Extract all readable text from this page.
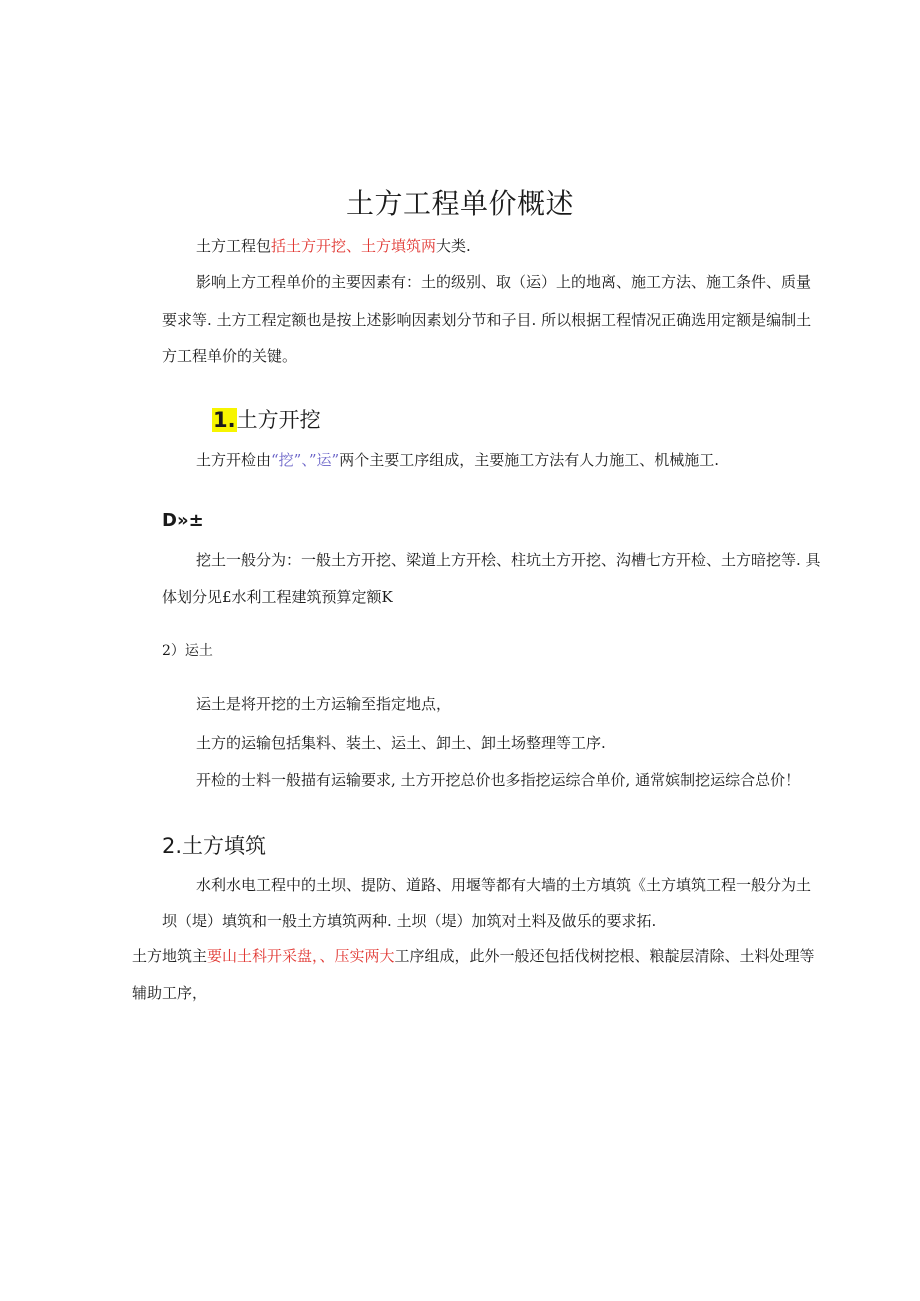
土方工程单价概述
土方工程包括土方开挖、土方填筑两大类.
影响上方工程单价的主要因素有：土的级别、取（运）上的地离、施工方法、施工条件、质量
要求等. 土方工程定额也是按上述影响因素划分节和子目. 所以根据工程情况正确选用定额是编制土
方工程单价的关键。
1.土方开挖
土方开检由“挖”、”运”两个主要工序组成，主要施工方法有人力施工、机械施工.
D»±
挖土一般分为：一般土方开挖、梁道上方开桧、柱坑土方开挖、沟槽七方开检、土方暗挖等. 具
体划分见£水利工程建筑预算定额K
2）运土
运土是将开挖的土方运输至指定地点，
土方的运输包括集料、装土、运土、卸土、卸土场整理等工序.
开检的士料一般描有运输要求, 土方开挖总价也多指挖运综合单价, 通常嫔制挖运综合总价！
2.土方填筑
水利水电工程中的土坝、提防、道路、用堰等都有大墙的土方填筑《土方填筑工程一般分为土
坝（堤）填筑和一般土方填筑两种. 土坝（堤）加筑对土料及做乐的要求拓.
土方地筑主要山土科开采盘，、压实两大工序组成，此外一般还包括伐树挖根、粮靛层清除、土料处理等
辅助工序，
